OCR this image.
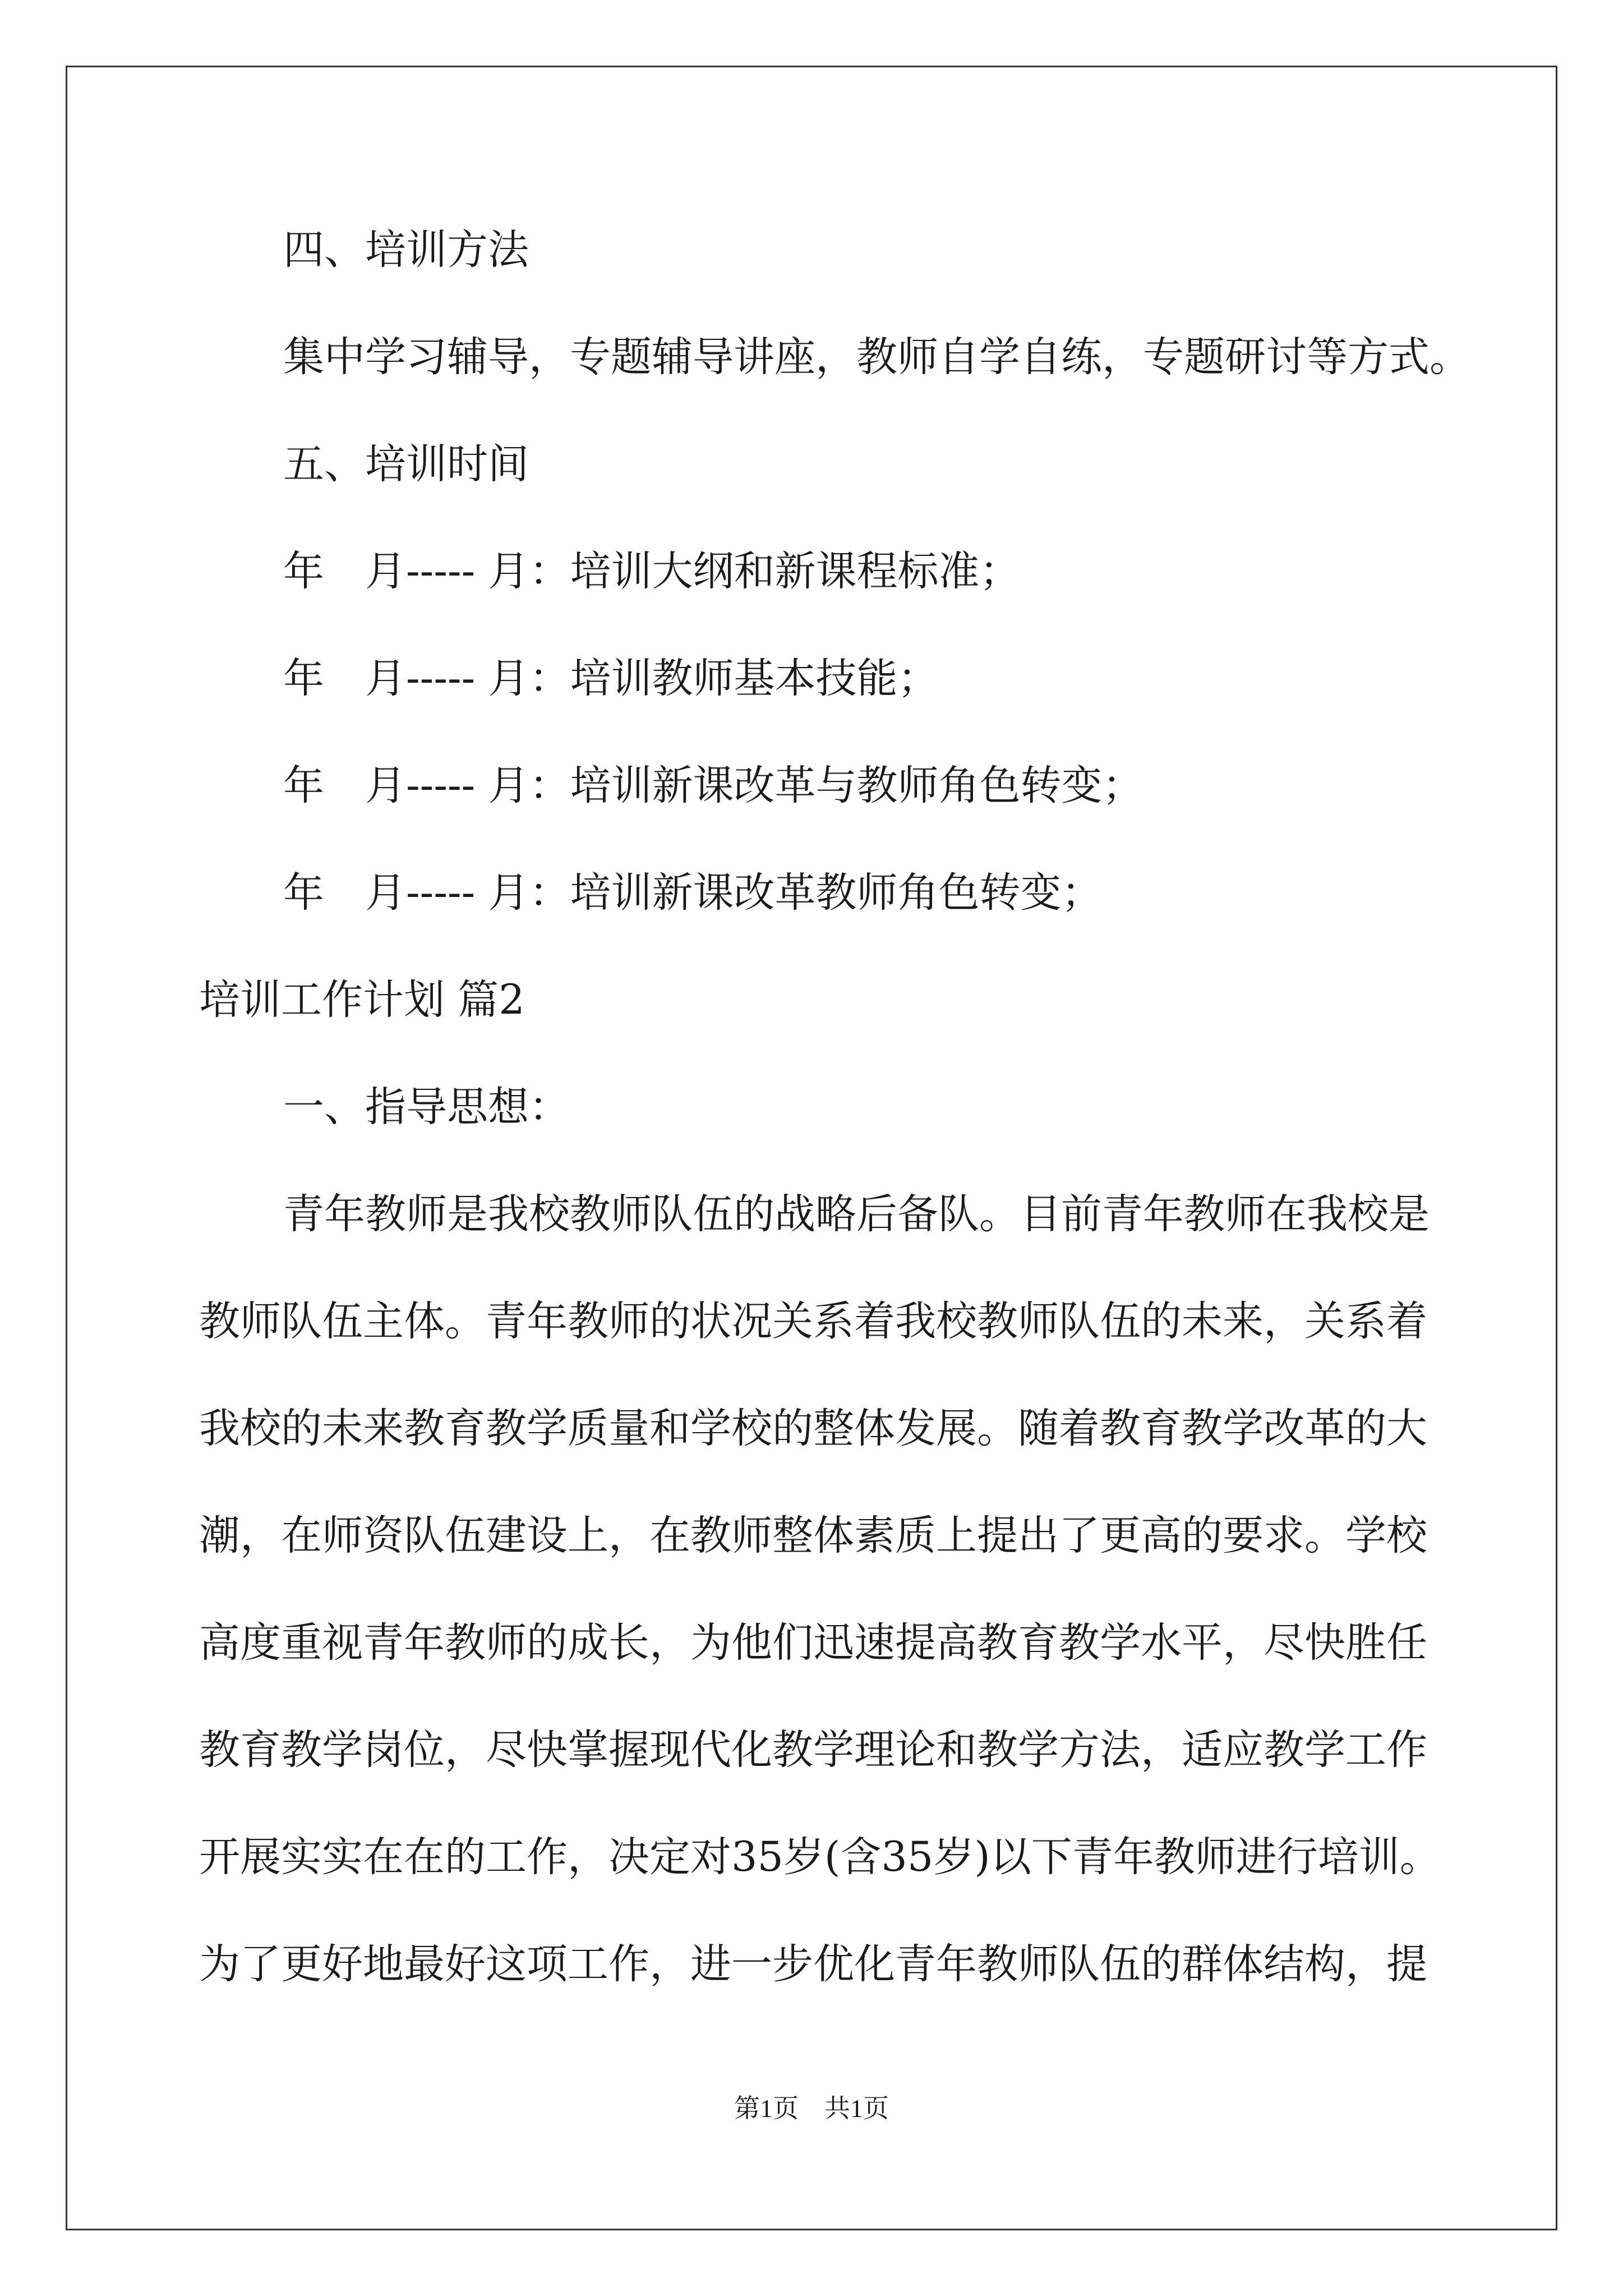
四、培训方法
集中学习辅导，专题辅导讲座，教师自学自练，专题研讨等方式。
五、培训时间
年　月----- 月：培训大纲和新课程标准；
年　月----- 月：培训教师基本技能；
年　月----- 月：培训新课改革与教师角色转变；
年　月----- 月：培训新课改革教师角色转变；
培训工作计划 篇2
一、指导思想：
青年教师是我校教师队伍的战略后备队。目前青年教师在我校是
教师队伍主体。青年教师的状况关系着我校教师队伍的未来，关系着
我校的未来教育教学质量和学校的整体发展。随着教育教学改革的大
潮，在师资队伍建设上，在教师整体素质上提出了更高的要求。学校
高度重视青年教师的成长，为他们迅速提高教育教学水平，尽快胜任
教育教学岗位，尽快掌握现代化教学理论和教学方法，适应教学工作
开展实实在在的工作，决定对35岁(含35岁)以下青年教师进行培训。
为了更好地最好这项工作，进一步优化青年教师队伍的群体结构，提
第1页　共1页
